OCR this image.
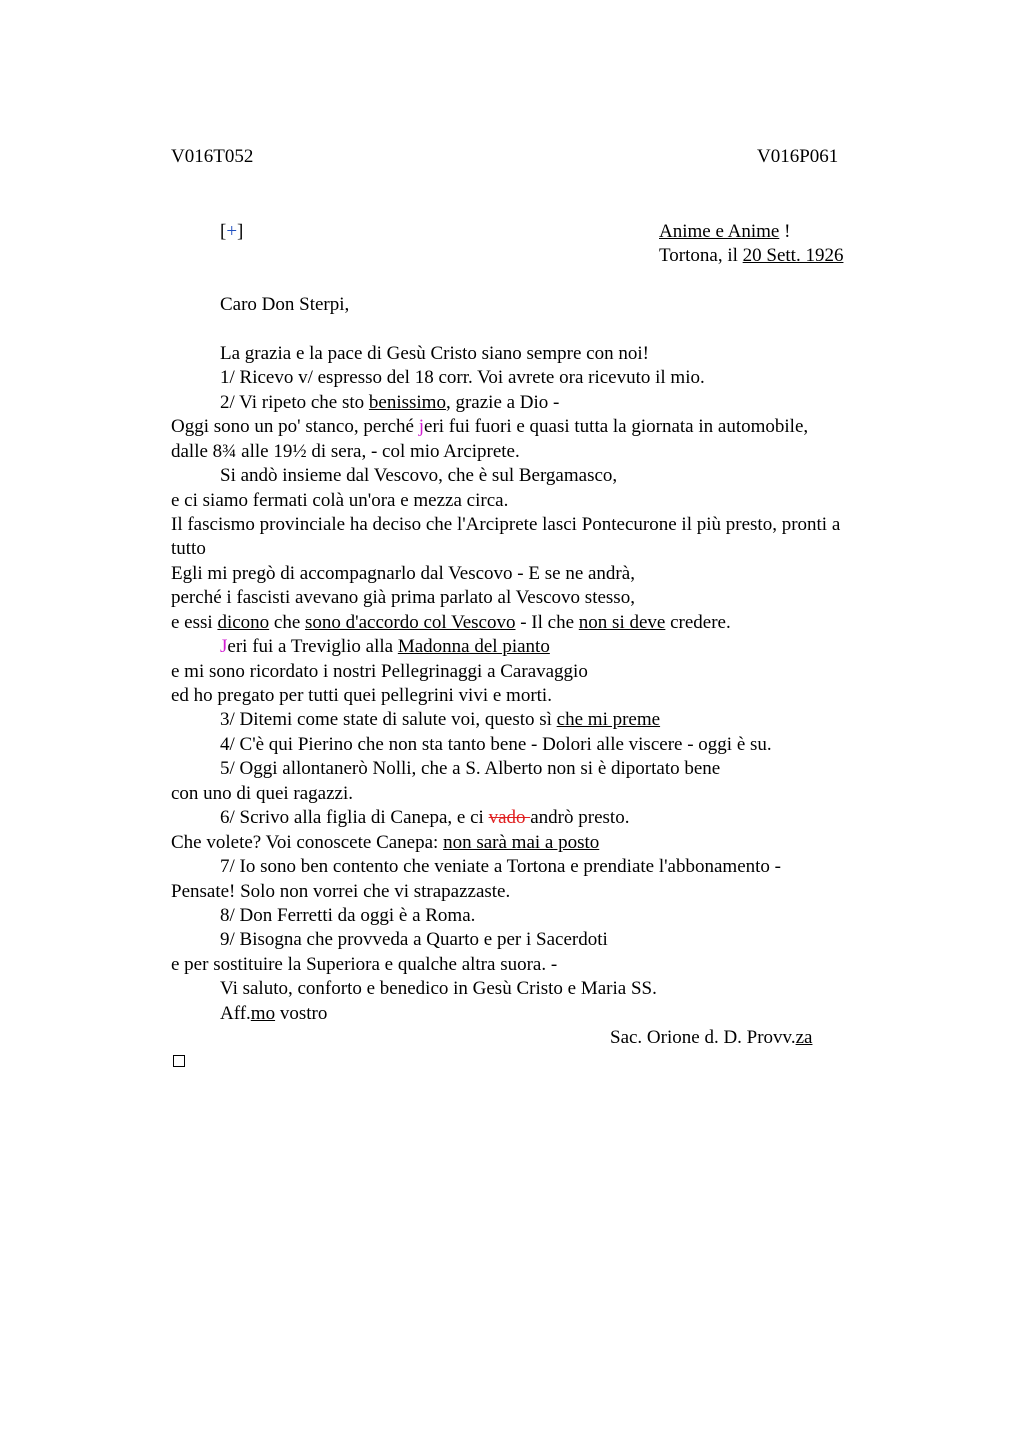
V016T052	V016P061
[+]	Anime e Anime !
Tortona, il 20 Sett. 1926
Caro Don Sterpi,
La grazia e la pace di Gesù Cristo siano sempre con noi!
1/ Ricevo v/ espresso del 18 corr. Voi avrete ora ricevuto il mio.
2/ Vi ripeto che sto benissimo, grazie a Dio -
Oggi sono un po' stanco, perché jeri fui fuori e quasi tutta la giornata in automobile,
dalle 8¾ alle 19½ di sera, - col mio Arciprete.
Si andò insieme dal Vescovo, che è sul Bergamasco,
e ci siamo fermati colà un'ora e mezza circa.
Il fascismo provinciale ha deciso che l'Arciprete lasci Pontecurone il più presto, pronti a
tutto
Egli mi pregò di accompagnarlo dal Vescovo - E se ne andrà,
perché i fascisti avevano già prima parlato al Vescovo stesso,
e essi dicono che sono d'accordo col Vescovo - Il che non si deve credere.
Jeri fui a Treviglio alla Madonna del pianto
e mi sono ricordato i nostri Pellegrinaggi a Caravaggio
ed ho pregato per tutti quei pellegrini vivi e morti.
3/ Ditemi come state di salute voi, questo sì che mi preme
4/ C'è qui Pierino che non sta tanto bene - Dolori alle viscere - oggi è su.
5/ Oggi allontanerò Nolli, che a S. Alberto non si è diportato bene
con uno di quei ragazzi.
6/ Scrivo alla figlia di Canepa, e ci vado andrò presto.
Che volete? Voi conoscete Canepa: non sarà mai a posto
7/ Io sono ben contento che veniate a Tortona e prendiate l'abbonamento -
Pensate! Solo non vorrei che vi strapazzaste.
8/ Don Ferretti da oggi è a Roma.
9/ Bisogna che provveda a Quarto e per i Sacerdoti
e per sostituire la Superiora e qualche altra suora. -
Vi saluto, conforto e benedico in Gesù Cristo e Maria SS.
Aff.mo vostro
Sac. Orione d. D. Provv.za
